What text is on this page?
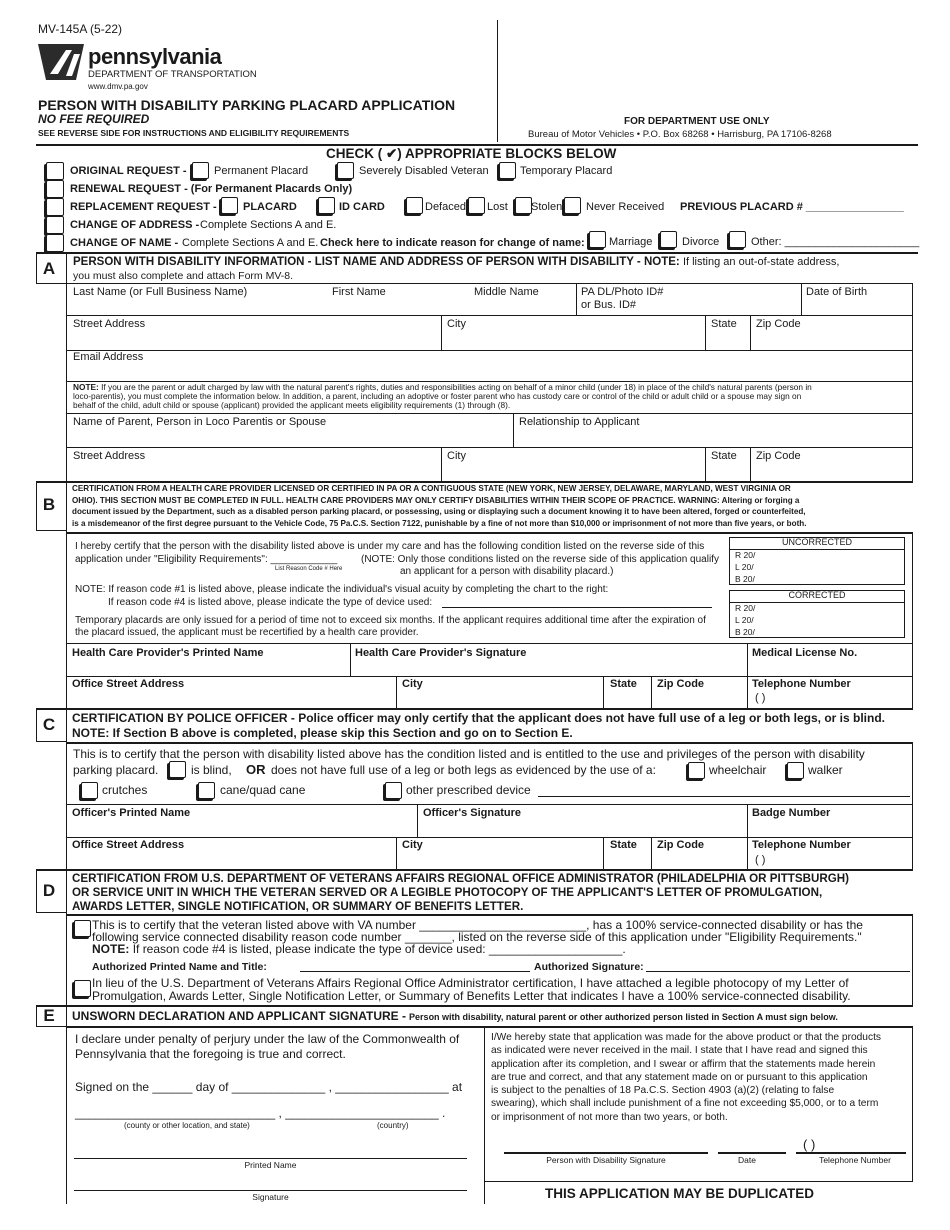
MV-145A (5-22)
pennsylvania
DEPARTMENT OF TRANSPORTATION
www.dmv.pa.gov
PERSON WITH DISABILITY PARKING PLACARD APPLICATION
NO FEE REQUIRED
SEE REVERSE SIDE FOR INSTRUCTIONS AND ELIGIBILITY REQUIREMENTS
FOR DEPARTMENT USE ONLY
Bureau of Motor Vehicles • P.O. Box 68268 • Harrisburg, PA 17106-8268
CHECK ( ✔) APPROPRIATE BLOCKS BELOW
ORIGINAL REQUEST - Permanent Placard	Severely Disabled Veteran	Temporary Placard
RENEWAL REQUEST - (For Permanent Placards Only)
REPLACEMENT REQUEST - PLACARD	ID CARD	Defaced Lost Stolen Never Received PREVIOUS PLACARD # ________________
CHANGE OF ADDRESS - Complete Sections A and E.
CHANGE OF NAME - Complete Sections A and E. Check here to indicate reason for change of name: Marriage	Divorce	Other: ______________________
A	PERSON WITH DISABILITY INFORMATION - LIST NAME AND ADDRESS OF PERSON WITH DISABILITY - NOTE: If listing an out-of-state address,
you must also complete and attach Form MV-8.
Last Name (or Full Business Name)	First Name	Middle Name	PA DL/Photo ID#
or Bus. ID#
Date of Birth
Street Address	City	State Zip Code
Email Address
NOTE: If you are the parent or adult charged by law with the natural parent's rights, duties and responsibilities acting on behalf of a minor child (under 18) in place of the child's natural parents (person in
loco-parentis), you must complete the information below. In addition, a parent, including an adoptive or foster parent who has custody care or control of the child or adult child or a spouse may sign on
behalf of the child, adult child or spouse (applicant) provided the applicant meets eligibility requirements (1) through (8).
Name of Parent, Person in Loco Parentis or Spouse	Relationship to Applicant
Street Address	City	State Zip Code
B
CERTIFICATION FROM A HEALTH CARE PROVIDER LICENSED OR CERTIFIED IN PA OR A CONTIGUOUS STATE (NEW YORK, NEW JERSEY, DELAWARE, MARYLAND, WEST VIRGINIA OR
OHIO). THIS SECTION MUST BE COMPLETED IN FULL. HEALTH CARE PROVIDERS MAY ONLY CERTIFY DISABILITIES WITHIN THEIR SCOPE OF PRACTICE. WARNING: Altering or forging a
document issued by the Department, such as a disabled person parking placard, or possessing, using or displaying such a document knowing it to have been altered, forged or counterfeited,
is a misdemeanor of the first degree pursuant to the Vehicle Code, 75 Pa.C.S. Section 7122, punishable by a fine of not more than $10,000 or imprisonment of not more than five years, or both.
I hereby certify that the person with the disability listed above is under my care and has the following condition listed on the reverse side of this
application under "Eligibility Requirements": ____________ (NOTE: Only those conditions listed on the reverse side of this application qualify
List Reason Code # Here	an applicant for a person with disability placard.)
NOTE: If reason code #1 is listed above, please indicate the individual's visual acuity by completing the chart to the right:
If reason code #4 is listed above, please indicate the type of device used:
Temporary placards are only issued for a period of time not to exceed six months. If the applicant requires additional time after the expiration of
the placard issued, the applicant must be recertified by a health care provider.
UNCORRECTED
R 20/
L 20/
B 20/
CORRECTED
R 20/
L 20/
B 20/
Health Care Provider's Printed Name	Health Care Provider's Signature	Medical License No.
Office Street Address	City	State Zip Code	Telephone Number
( )
C	CERTIFICATION BY POLICE OFFICER - Police officer may only certify that the applicant does not have full use of a leg or both legs, or is blind.
NOTE: If Section B above is completed, please skip this Section and go on to Section E.
This is to certify that the person with disability listed above has the condition listed and is entitled to the use and privileges of the person with disability
parking placard.	is blind, OR does not have full use of a leg or both legs as evidenced by the use of a:	wheelchair	walker
crutches	cane/quad cane	other prescribed device
Officer's Printed Name	Officer's Signature	Badge Number
Office Street Address	City	State Zip Code	Telephone Number
( )
D
CERTIFICATION FROM U.S. DEPARTMENT OF VETERANS AFFAIRS REGIONAL OFFICE ADMINISTRATOR (PHILADELPHIA OR PITTSBURGH)
OR SERVICE UNIT IN WHICH THE VETERAN SERVED OR A LEGIBLE PHOTOCOPY OF THE APPLICANT'S LETTER OF PROMULGATION,
AWARDS LETTER, SINGLE NOTIFICATION, OR SUMMARY OF BENEFITS LETTER.
This is to certify that the veteran listed above with VA number _________________________, has a 100% service-connected disability or has the
following service connected disability reason code number _______, listed on the reverse side of this application under "Eligibility Requirements."
NOTE: If reason code #4 is listed, please indicate the type of device used: ____________________.
Authorized Printed Name and Title:	Authorized Signature:
In lieu of the U.S. Department of Veterans Affairs Regional Office Administrator certification, I have attached a legible photocopy of my Letter of
Promulgation, Awards Letter, Single Notification Letter, or Summary of Benefits Letter that indicates I have a 100% service-connected disability.
E	UNSWORN DECLARATION AND APPLICANT SIGNATURE - Person with disability, natural parent or other authorized person listed in Section A must sign below.
I declare under penalty of perjury under the law of the Commonwealth of
Pennsylvania that the foregoing is true and correct.
Signed on the ______ day of ______________ , _________________ at
______________________________ , _______________________ .
(county or other location, and state)	(country)
Printed Name
Signature
I/We hereby state that application was made for the above product or that the products
as indicated were never received in the mail. I state that I have read and signed this
application after its completion, and I swear or affirm that the statements made herein
are true and correct, and that any statement made on or pursuant to this application
is subject to the penalties of 18 Pa.C.S. Section 4903 (a)(2) (relating to false
swearing), which shall include punishment of a fine not exceeding $5,000, or to a term
or imprisonment of not more than two years, or both.
Person with Disability Signature	Date
( )
Telephone Number
THIS APPLICATION MAY BE DUPLICATED
